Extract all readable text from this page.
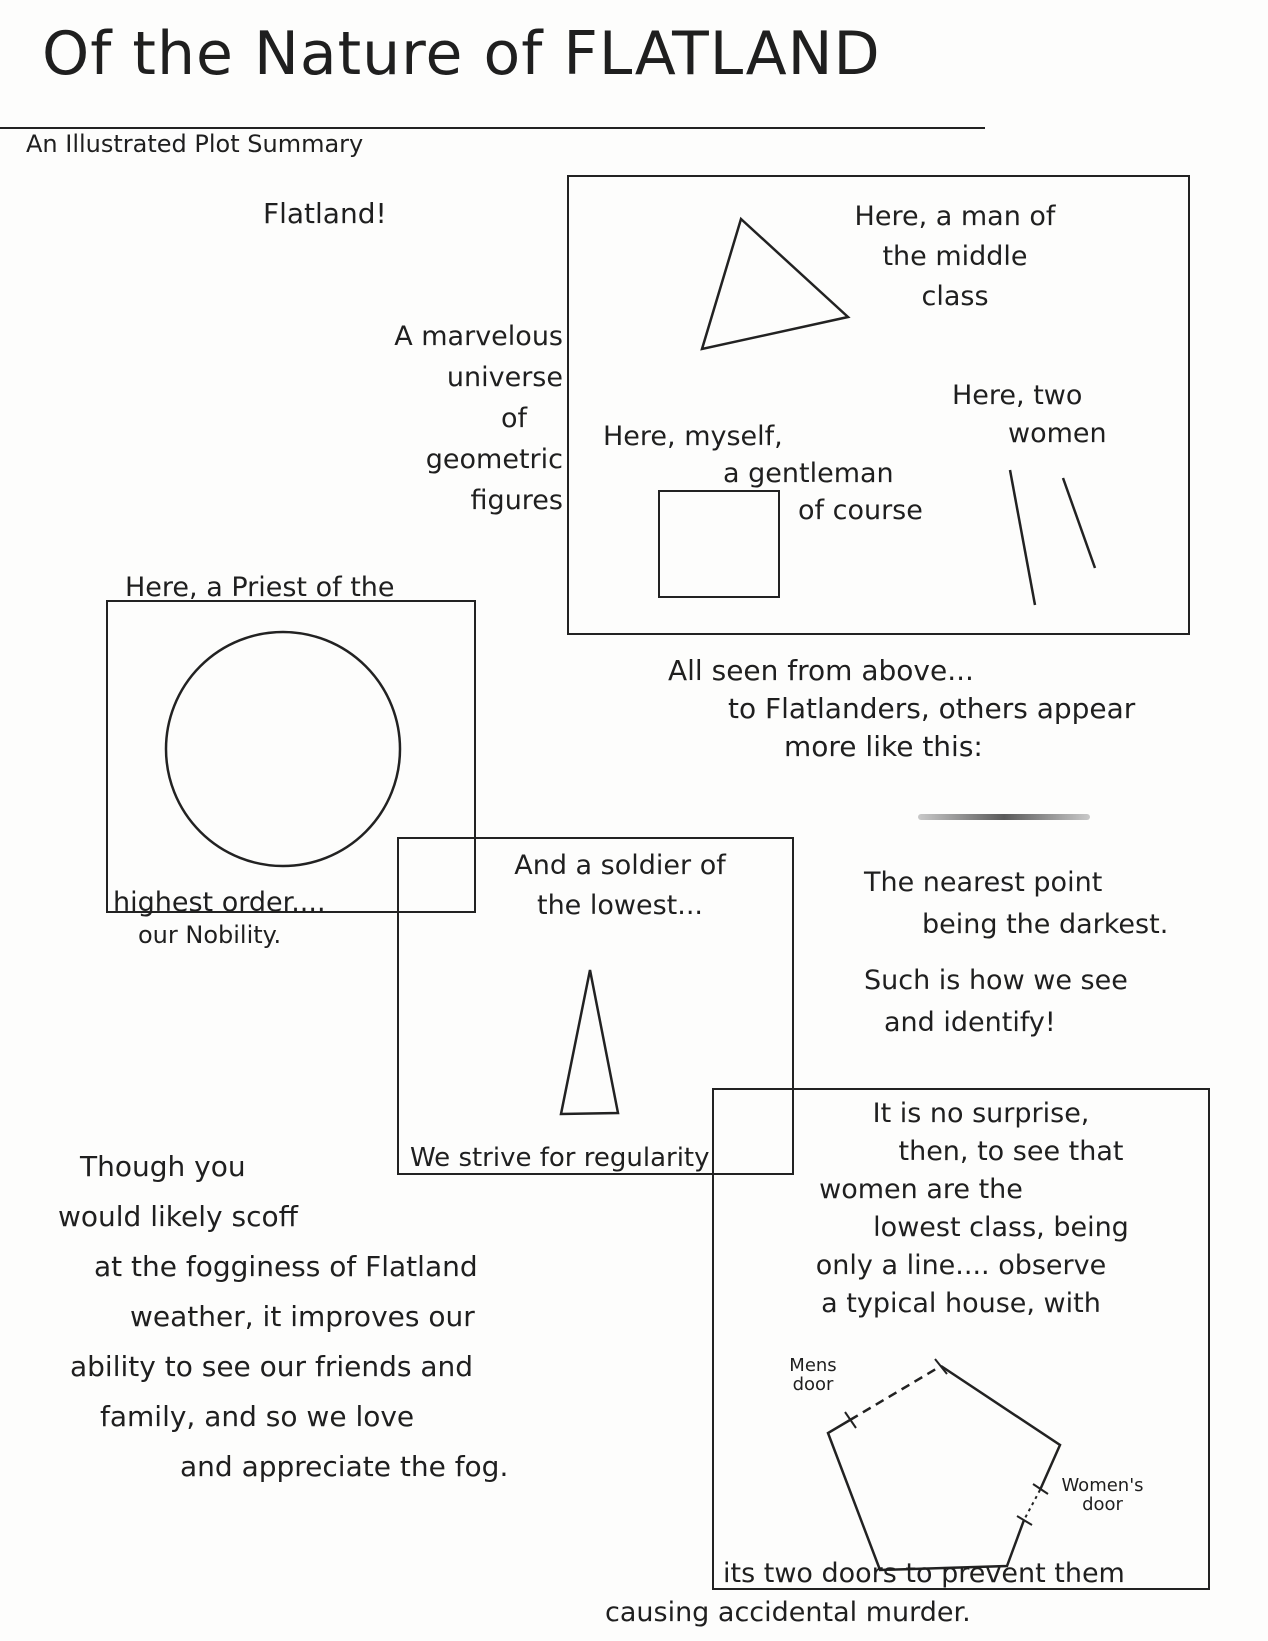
Of the Nature of FLATLAND
An Illustrated Plot Summary
Flatland!
A marvelous
universe
of
geometric
figures
Here, a man of
the middle
class
Here, two
women
Here, myself,
a gentleman
of course
All seen from above...
to Flatlanders, others appear
more like this:
Here, a Priest of the
highest order....
our Nobility.
And a soldier of
the lowest...
We strive for regularity
The nearest point
being the darkest.
Such is how we see
and identify!
Though you
would likely scoff
at the fogginess of Flatland
weather, it improves our
ability to see our friends and
family, and so we love
and appreciate the fog.
It is no surprise,
then, to see that
women are the
lowest class, being
only a line.... observe
a typical house, with
Mens
door
Women's
door
its two doors to prevent them
causing accidental murder.
